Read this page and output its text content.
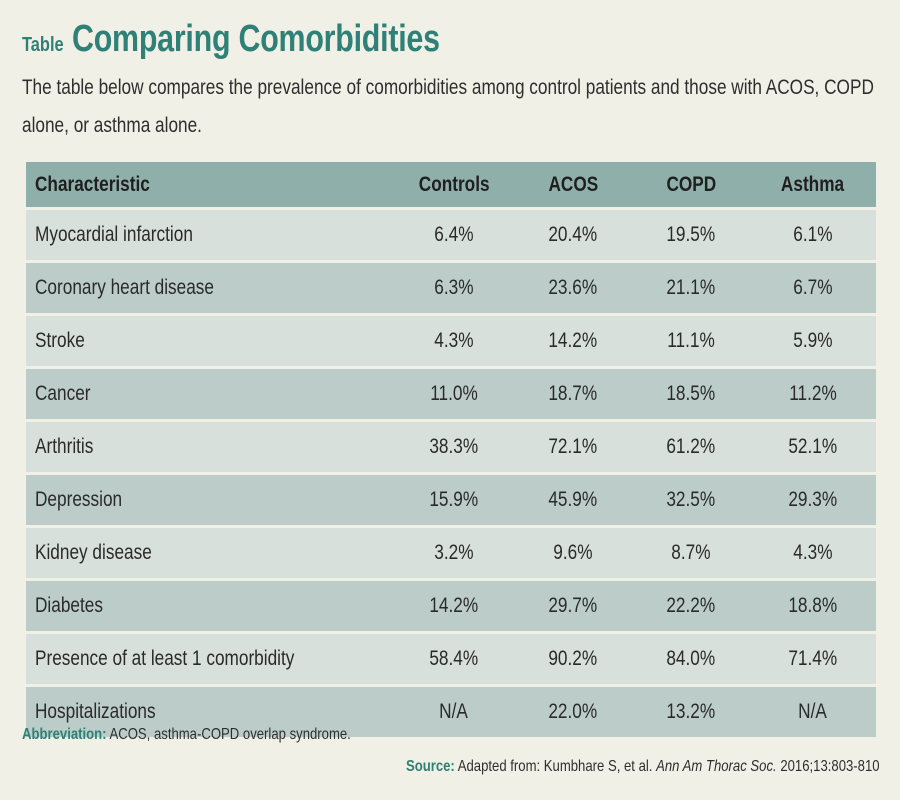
Table Comparing Comorbidities
The table below compares the prevalence of comorbidities among control patients and those with ACOS, COPD alone, or asthma alone.
Characteristic	Controls	ACOS	COPD	Asthma
Myocardial infarction	6.4%	20.4%	19.5%	6.1%
Coronary heart disease	6.3%	23.6%	21.1%	6.7%
Stroke	4.3%	14.2%	11.1%	5.9%
Cancer	11.0%	18.7%	18.5%	11.2%
Arthritis	38.3%	72.1%	61.2%	52.1%
Depression	15.9%	45.9%	32.5%	29.3%
Kidney disease	3.2%	9.6%	8.7%	4.3%
Diabetes	14.2%	29.7%	22.2%	18.8%
Presence of at least 1 comorbidity	58.4%	90.2%	84.0%	71.4%
Hospitalizations	N/A	22.0%	13.2%	N/A
Abbreviation: ACOS, asthma-COPD overlap syndrome.
Source: Adapted from: Kumbhare S, et al. Ann Am Thorac Soc. 2016;13:803-810
